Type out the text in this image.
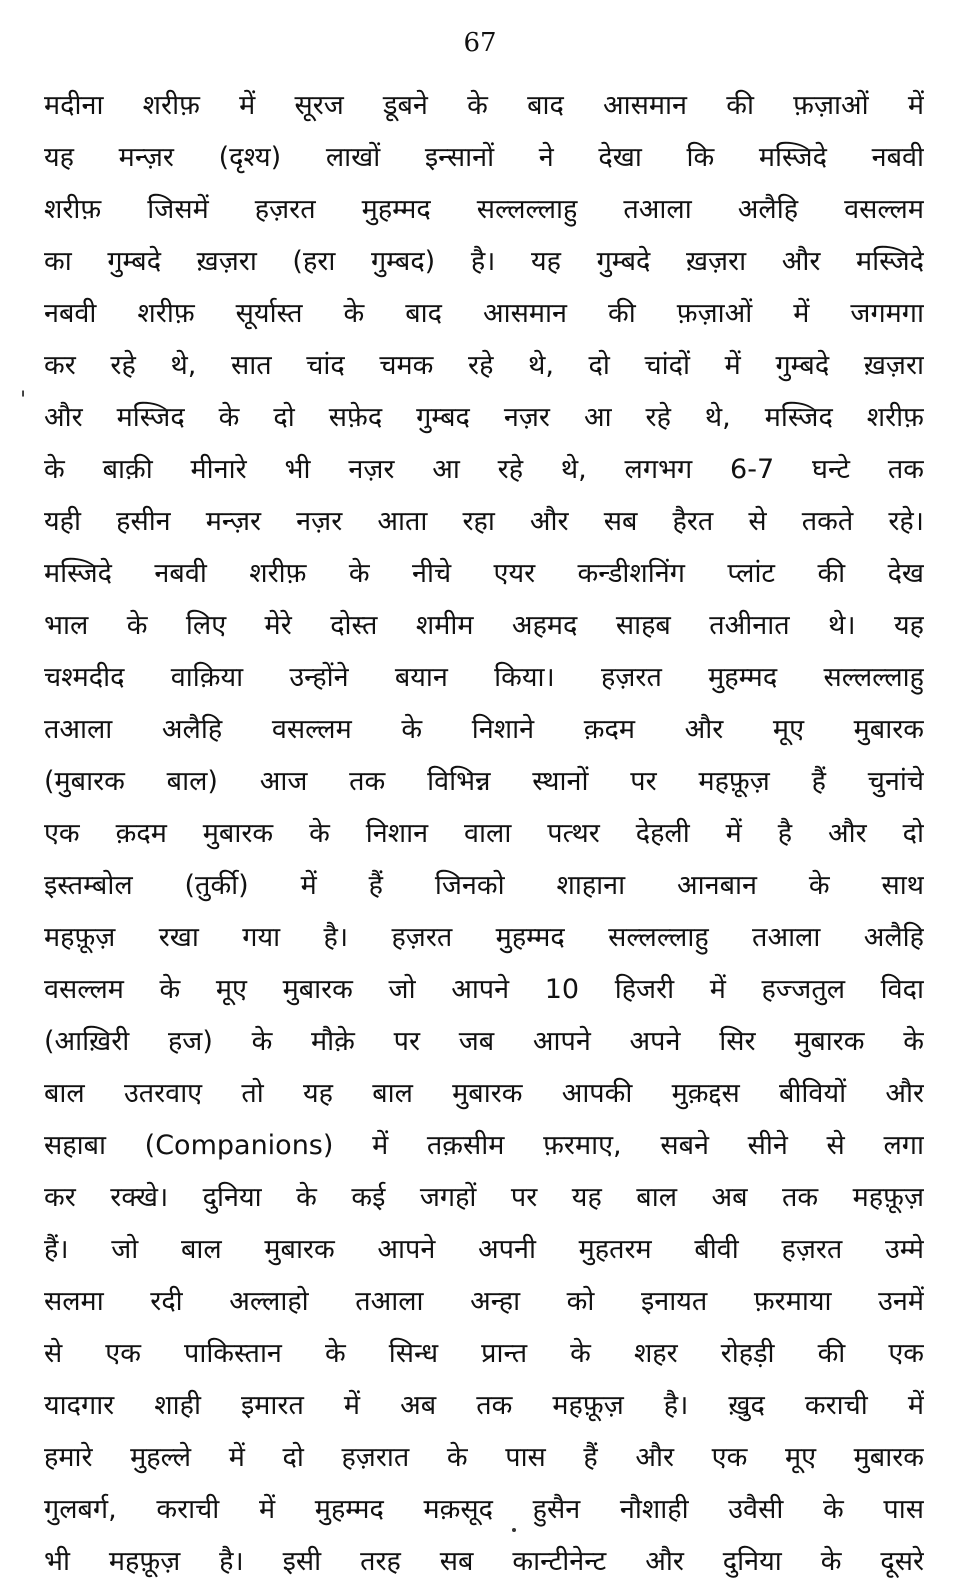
67
'
मदीना शरीफ़ में सूरज डूबने के बाद आसमान की फ़ज़ाओं में
यह मन्ज़र (दृश्य) लाखों इन्सानों ने देखा कि मस्जिदे नबवी
शरीफ़ जिसमें हज़रत मुहम्मद सल्लल्लाहु तआला अलैहि वसल्लम
का गुम्बदे ख़ज़रा (हरा गुम्बद) है। यह गुम्बदे ख़ज़रा और मस्जिदे
नबवी शरीफ़ सूर्यास्त के बाद आसमान की फ़ज़ाओं में जगमगा
कर रहे थे, सात चांद चमक रहे थे, दो चांदों में गुम्बदे ख़ज़रा
और मस्जिद के दो सफ़ेद गुम्बद नज़र आ रहे थे, मस्जिद शरीफ़
के बाक़ी मीनारे भी नज़र आ रहे थे, लगभग 6-7 घन्टे तक
यही हसीन मन्ज़र नज़र आता रहा और सब हैरत से तकते रहे।
मस्जिदे नबवी शरीफ़ के नीचे एयर कन्डीशनिंग प्लांट की देख
भाल के लिए मेरे दोस्त शमीम अहमद साहब तअीनात थे। यह
चश्मदीद वाक़िया उन्होंने बयान किया। हज़रत मुहम्मद सल्लल्लाहु
तआला अलैहि वसल्लम के निशाने क़दम और मूए मुबारक
(मुबारक बाल) आज तक विभिन्न स्थानों पर महफ़ूज़ हैं चुनांचे
एक क़दम मुबारक के निशान वाला पत्थर देहली में है और दो
इस्तम्बोल (तुर्की) में हैं जिनको शाहाना आनबान के साथ
महफ़ूज़ रखा गया है। हज़रत मुहम्मद सल्लल्लाहु तआला अलैहि
वसल्लम के मूए मुबारक जो आपने 10 हिजरी में हज्जतुल विदा
(आख़िरी हज) के मौक़े पर जब आपने अपने सिर मुबारक के
बाल उतरवाए तो यह बाल मुबारक आपकी मुक़द्दस बीवियों और
सहाबा (Companions) में तक़सीम फ़रमाए, सबने सीने से लगा
कर रक्खे। दुनिया के कई जगहों पर यह बाल अब तक महफ़ूज़
हैं। जो बाल मुबारक आपने अपनी मुहतरम बीवी हज़रत उम्मे
सलमा रदी अल्लाहो तआला अन्हा को इनायत फ़रमाया उनमें
से एक पाकिस्तान के सिन्ध प्रान्त के शहर रोहड़ी की एक
यादगार शाही इमारत में अब तक महफ़ूज़ है। ख़ुद कराची में
हमारे मुहल्ले में दो हज़रात के पास हैं और एक मूए मुबारक
गुलबर्ग, कराची में मुहम्मद मक़सूद हुसैन नौशाही उवैसी के पास
भी महफ़ूज़ है। इसी तरह सब कान्टीनेन्ट और दुनिया के दूसरे
